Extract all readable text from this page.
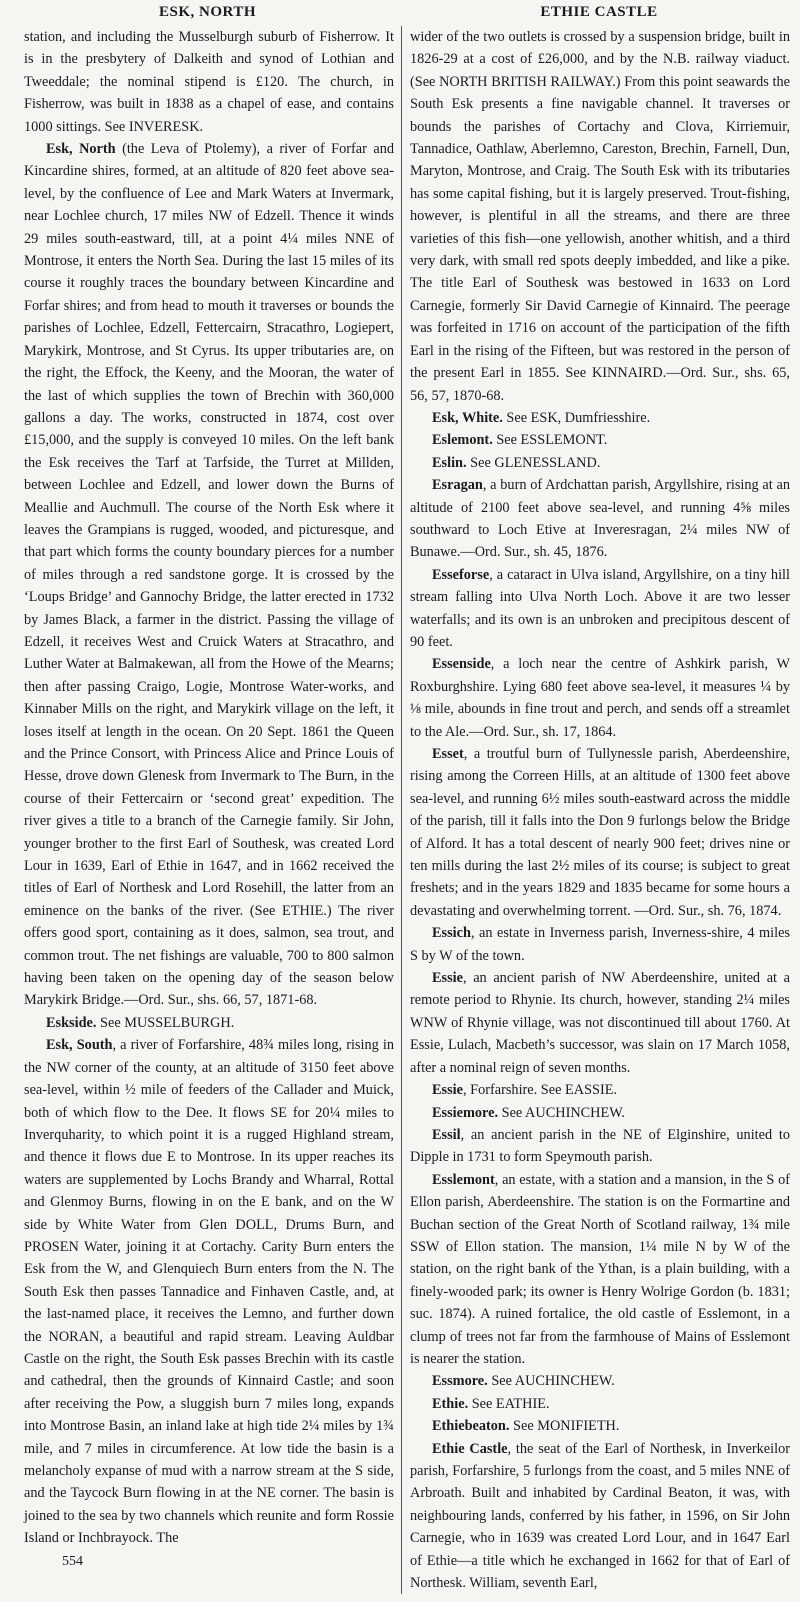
ESK, NORTH	ETHIE CASTLE

station, and including the Musselburgh suburb of Fisherrow. It is in the presbytery of Dalkeith and synod of Lothian and Tweeddale; the nominal stipend is £120. The church, in Fisherrow, was built in 1838 as a chapel of ease, and contains 1000 sittings. See INVERESK.

Esk, North (the Leva of Ptolemy), a river of Forfar and Kincardine shires, formed, at an altitude of 820 feet above sea-level, by the confluence of Lee and Mark Waters at Invermark, near Lochlee church, 17 miles NW of Edzell. Thence it winds 29 miles south-eastward, till, at a point 4¼ miles NNE of Montrose, it enters the North Sea. During the last 15 miles of its course it roughly traces the boundary between Kincardine and Forfar shires; and from head to mouth it traverses or bounds the parishes of Lochlee, Edzell, Fettercairn, Stracathro, Logiepert, Marykirk, Montrose, and St Cyrus. Its upper tributaries are, on the right, the Effock, the Keeny, and the Mooran, the water of the last of which supplies the town of Brechin with 360,000 gallons a day. The works, constructed in 1874, cost over £15,000, and the supply is conveyed 10 miles. On the left bank the Esk receives the Tarf at Tarfside, the Turret at Millden, between Lochlee and Edzell, and lower down the Burns of Meallie and Auchmull. The course of the North Esk where it leaves the Grampians is rugged, wooded, and picturesque, and that part which forms the county boundary pierces for a number of miles through a red sandstone gorge. It is crossed by the ‘Loups Bridge’ and Gannochy Bridge, the latter erected in 1732 by James Black, a farmer in the district. Passing the village of Edzell, it receives West and Cruick Waters at Stracathro, and Luther Water at Balmakewan, all from the Howe of the Mearns; then after passing Craigo, Logie, Montrose Water-works, and Kinnaber Mills on the right, and Marykirk village on the left, it loses itself at length in the ocean. On 20 Sept. 1861 the Queen and the Prince Consort, with Princess Alice and Prince Louis of Hesse, drove down Glenesk from Invermark to The Burn, in the course of their Fettercairn or ‘second great’ expedition. The river gives a title to a branch of the Carnegie family. Sir John, younger brother to the first Earl of Southesk, was created Lord Lour in 1639, Earl of Ethie in 1647, and in 1662 received the titles of Earl of Northesk and Lord Rosehill, the latter from an eminence on the banks of the river. (See ETHIE.) The river offers good sport, containing as it does, salmon, sea trout, and common trout. The net fishings are valuable, 700 to 800 salmon having been taken on the opening day of the season below Marykirk Bridge.—Ord. Sur., shs. 66, 57, 1871-68.

Eskside. See MUSSELBURGH.

Esk, South, a river of Forfarshire, 48¾ miles long, rising in the NW corner of the county, at an altitude of 3150 feet above sea-level, within ½ mile of feeders of the Callader and Muick, both of which flow to the Dee. It flows SE for 20¼ miles to Inverquharity, to which point it is a rugged Highland stream, and thence it flows due E to Montrose. In its upper reaches its waters are supplemented by Lochs Brandy and Wharral, Rottal and Glenmoy Burns, flowing in on the E bank, and on the W side by White Water from Glen DOLL, Drums Burn, and PROSEN Water, joining it at Cortachy. Carity Burn enters the Esk from the W, and Glenquiech Burn enters from the N. The South Esk then passes Tannadice and Finhaven Castle, and, at the last-named place, it receives the Lemno, and further down the NORAN, a beautiful and rapid stream. Leaving Auldbar Castle on the right, the South Esk passes Brechin with its castle and cathedral, then the grounds of Kinnaird Castle; and soon after receiving the Pow, a sluggish burn 7 miles long, expands into Montrose Basin, an inland lake at high tide 2¼ miles by 1¾ mile, and 7 miles in circumference. At low tide the basin is a melancholy expanse of mud with a narrow stream at the S side, and the Taycock Burn flowing in at the NE corner. The basin is joined to the sea by two channels which reunite and form Rossie Island or Inchbrayock. The

554

wider of the two outlets is crossed by a suspension bridge, built in 1826-29 at a cost of £26,000, and by the N.B. railway viaduct. (See NORTH BRITISH RAILWAY.) From this point seawards the South Esk presents a fine navigable channel. It traverses or bounds the parishes of Cortachy and Clova, Kirriemuir, Tannadice, Oathlaw, Aberlemno, Careston, Brechin, Farnell, Dun, Maryton, Montrose, and Craig. The South Esk with its tributaries has some capital fishing, but it is largely preserved. Trout-fishing, however, is plentiful in all the streams, and there are three varieties of this fish—one yellowish, another whitish, and a third very dark, with small red spots deeply imbedded, and like a pike. The title Earl of Southesk was bestowed in 1633 on Lord Carnegie, formerly Sir David Carnegie of Kinnaird. The peerage was forfeited in 1716 on account of the participation of the fifth Earl in the rising of the Fifteen, but was restored in the person of the present Earl in 1855. See KINNAIRD.—Ord. Sur., shs. 65, 56, 57, 1870-68.

Esk, White. See ESK, Dumfriesshire.

Eslemont. See ESSLEMONT.

Eslin. See GLENESSLAND.

Esragan, a burn of Ardchattan parish, Argyllshire, rising at an altitude of 2100 feet above sea-level, and running 4⅝ miles southward to Loch Etive at Inveresragan, 2¼ miles NW of Bunawe.—Ord. Sur., sh. 45, 1876.

Esseforse, a cataract in Ulva island, Argyllshire, on a tiny hill stream falling into Ulva North Loch. Above it are two lesser waterfalls; and its own is an unbroken and precipitous descent of 90 feet.

Essenside, a loch near the centre of Ashkirk parish, W Roxburghshire. Lying 680 feet above sea-level, it measures ¼ by ⅛ mile, abounds in fine trout and perch, and sends off a streamlet to the Ale.—Ord. Sur., sh. 17, 1864.

Esset, a troutful burn of Tullynessle parish, Aberdeenshire, rising among the Correen Hills, at an altitude of 1300 feet above sea-level, and running 6½ miles south-eastward across the middle of the parish, till it falls into the Don 9 furlongs below the Bridge of Alford. It has a total descent of nearly 900 feet; drives nine or ten mills during the last 2½ miles of its course; is subject to great freshets; and in the years 1829 and 1835 became for some hours a devastating and overwhelming torrent. —Ord. Sur., sh. 76, 1874.

Essich, an estate in Inverness parish, Inverness-shire, 4 miles S by W of the town.

Essie, an ancient parish of NW Aberdeenshire, united at a remote period to Rhynie. Its church, however, standing 2¼ miles WNW of Rhynie village, was not discontinued till about 1760. At Essie, Lulach, Macbeth’s successor, was slain on 17 March 1058, after a nominal reign of seven months.

Essie, Forfarshire. See EASSIE.

Essiemore. See AUCHINCHEW.

Essil, an ancient parish in the NE of Elginshire, united to Dipple in 1731 to form Speymouth parish.

Esslemont, an estate, with a station and a mansion, in the S of Ellon parish, Aberdeenshire. The station is on the Formartine and Buchan section of the Great North of Scotland railway, 1¾ mile SSW of Ellon station. The mansion, 1¼ mile N by W of the station, on the right bank of the Ythan, is a plain building, with a finely-wooded park; its owner is Henry Wolrige Gordon (b. 1831; suc. 1874). A ruined fortalice, the old castle of Esslemont, in a clump of trees not far from the farmhouse of Mains of Esslemont is nearer the station.

Essmore. See AUCHINCHEW.

Ethie. See EATHIE.

Ethiebeaton. See MONIFIETH.

Ethie Castle, the seat of the Earl of Northesk, in Inverkeilor parish, Forfarshire, 5 furlongs from the coast, and 5 miles NNE of Arbroath. Built and inhabited by Cardinal Beaton, it was, with neighbouring lands, conferred by his father, in 1596, on Sir John Carnegie, who in 1639 was created Lord Lour, and in 1647 Earl of Ethie—a title which he exchanged in 1662 for that of Earl of Northesk. William, seventh Earl,
